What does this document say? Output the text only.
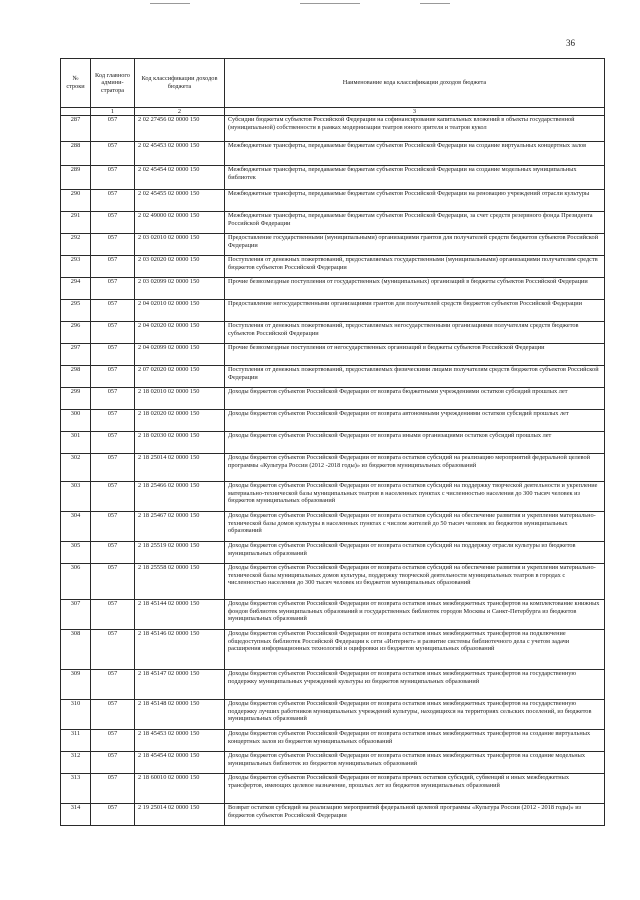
36
№ строки	Код главного админи-стратора	Код классификации доходов бюджета	Наименование кода классификации доходов бюджета
	1	2	3
287	057	2 02 27456 02 0000 150	Субсидии бюджетам субъектов Российской Федерации на софинансирование капитальных вложений в объекты государственной (муниципальной) собственности в рамках модернизации театров юного зрителя и театров кукол
288	057	2 02 45453 02 0000 150	Межбюджетные трансферты, передаваемые бюджетам субъектов Российской Федерации на создание виртуальных концертных залов
289	057	2 02 45454 02 0000 150	Межбюджетные трансферты, передаваемые бюджетам субъектов Российской Федерации на создание модельных муниципальных библиотек
290	057	2 02 45455 02 0000 150	Межбюджетные трансферты, передаваемые бюджетам субъектов Российской Федерации на реновацию учреждений отрасли культуры
291	057	2 02 49000 02 0000 150	Межбюджетные трансферты, передаваемые бюджетам субъектов Российской Федерации, за счет средств резервного фонда Президента Российской Федерации
292	057	2 03 02010 02 0000 150	Предоставление государственными (муниципальными) организациями грантов для получателей средств бюджетов субъектов Российской Федерации
293	057	2 03 02020 02 0000 150	Поступления от денежных пожертвований, предоставляемых государственными (муниципальными) организациями получателям средств бюджетов субъектов Российской Федерации
294	057	2 03 02099 02 0000 150	Прочие безвозмездные поступления от государственных (муниципальных) организаций в бюджеты субъектов Российской Федерации
295	057	2 04 02010 02 0000 150	Предоставление негосударственными организациями грантов для получателей средств бюджетов субъектов Российской Федерации
296	057	2 04 02020 02 0000 150	Поступления от денежных пожертвований, предоставляемых негосударственными организациями получателям средств бюджетов субъектов Российской Федерации
297	057	2 04 02099 02 0000 150	Прочие безвозмездные поступления от негосударственных организаций в бюджеты субъектов Российской Федерации
298	057	2 07 02020 02 0000 150	Поступления от денежных пожертвований, предоставляемых физическими лицами получателям средств бюджетов субъектов Российской Федерации
299	057	2 18 02010 02 0000 150	Доходы бюджетов субъектов Российской Федерации от возврата бюджетными учреждениями остатков субсидий прошлых лет
300	057	2 18 02020 02 0000 150	Доходы бюджетов субъектов Российской Федерации от возврата автономными учреждениями остатков субсидий прошлых лет
301	057	2 18 02030 02 0000 150	Доходы бюджетов субъектов Российской Федерации от возврата иными организациями остатков субсидий прошлых лет
302	057	2 18 25014 02 0000 150	Доходы бюджетов субъектов Российской Федерации от возврата остатков субсидий на реализацию мероприятий федеральной целевой программы «Культура России (2012 -2018 годы)» из бюджетов муниципальных образований
303	057	2 18 25466 02 0000 150	Доходы бюджетов субъектов Российской Федерации от возврата остатков субсидий на поддержку творческой деятельности и укрепление материально-технической базы муниципальных театров в населенных пунктах с численностью населения до 300 тысяч человек из бюджетов муниципальных образований
304	057	2 18 25467 02 0000 150	Доходы бюджетов субъектов Российской Федерации от возврата остатков субсидий на обеспечение развития и укрепления материально-технической базы домов культуры в населенных пунктах с числом жителей до 50 тысяч человек из бюджетов муниципальных образований
305	057	2 18 25519 02 0000 150	Доходы бюджетов субъектов Российской Федерации от возврата остатков субсидий на поддержку отрасли культуры из бюджетов муниципальных образований
306	057	2 18 25558 02 0000 150	Доходы бюджетов субъектов Российской Федерации от возврата остатков субсидий на обеспечение развития и укрепления материально-технической базы муниципальных домов культуры, поддержку творческой деятельности муниципальных театров в городах с численностью населения до 300 тысяч человек из бюджетов муниципальных образований
307	057	2 18 45144 02 0000 150	Доходы бюджетов субъектов Российской Федерации от возврата остатков иных межбюджетных трансфертов на комплектование книжных фондов библиотек муниципальных образований и государственных библиотек городов Москвы и Санкт-Петербурга из бюджетов муниципальных образований
308	057	2 18 45146 02 0000 150	Доходы бюджетов субъектов Российской Федерации от возврата остатков иных межбюджетных трансфертов на подключение общедоступных библиотек Российской Федерации к сети «Интернет» и развитие системы библиотечного дела с учетом задачи расширения информационных технологий и оцифровки из бюджетов муниципальных образований
309	057	2 18 45147 02 0000 150	Доходы бюджетов субъектов Российской Федерации от возврата остатков иных межбюджетных трансфертов на государственную поддержку муниципальных учреждений культуры из бюджетов муниципальных образований
310	057	2 18 45148 02 0000 150	Доходы бюджетов субъектов Российской Федерации от возврата остатков иных межбюджетных трансфертов на государственную поддержку лучших работников муниципальных учреждений культуры, находящихся на территориях сельских поселений, из бюджетов муниципальных образований
311	057	2 18 45453 02 0000 150	Доходы бюджетов субъектов Российской Федерации от возврата остатков иных межбюджетных трансфертов на создание виртуальных концертных залов из бюджетов муниципальных образований
312	057	2 18 45454 02 0000 150	Доходы бюджетов субъектов Российской Федерации от возврата остатков иных межбюджетных трансфертов на создание модельных муниципальных библиотек из бюджетов муниципальных образований
313	057	2 18 60010 02 0000 150	Доходы бюджетов субъектов Российской Федерации от возврата прочих остатков субсидий, субвенций и иных межбюджетных трансфертов, имеющих целевое назначение, прошлых лет из бюджетов муниципальных образований
314	057	2 19 25014 02 0000 150	Возврат остатков субсидий на реализацию мероприятий федеральной целевой программы «Культура России (2012 - 2018 годы)» из бюджетов субъектов Российской Федерации
